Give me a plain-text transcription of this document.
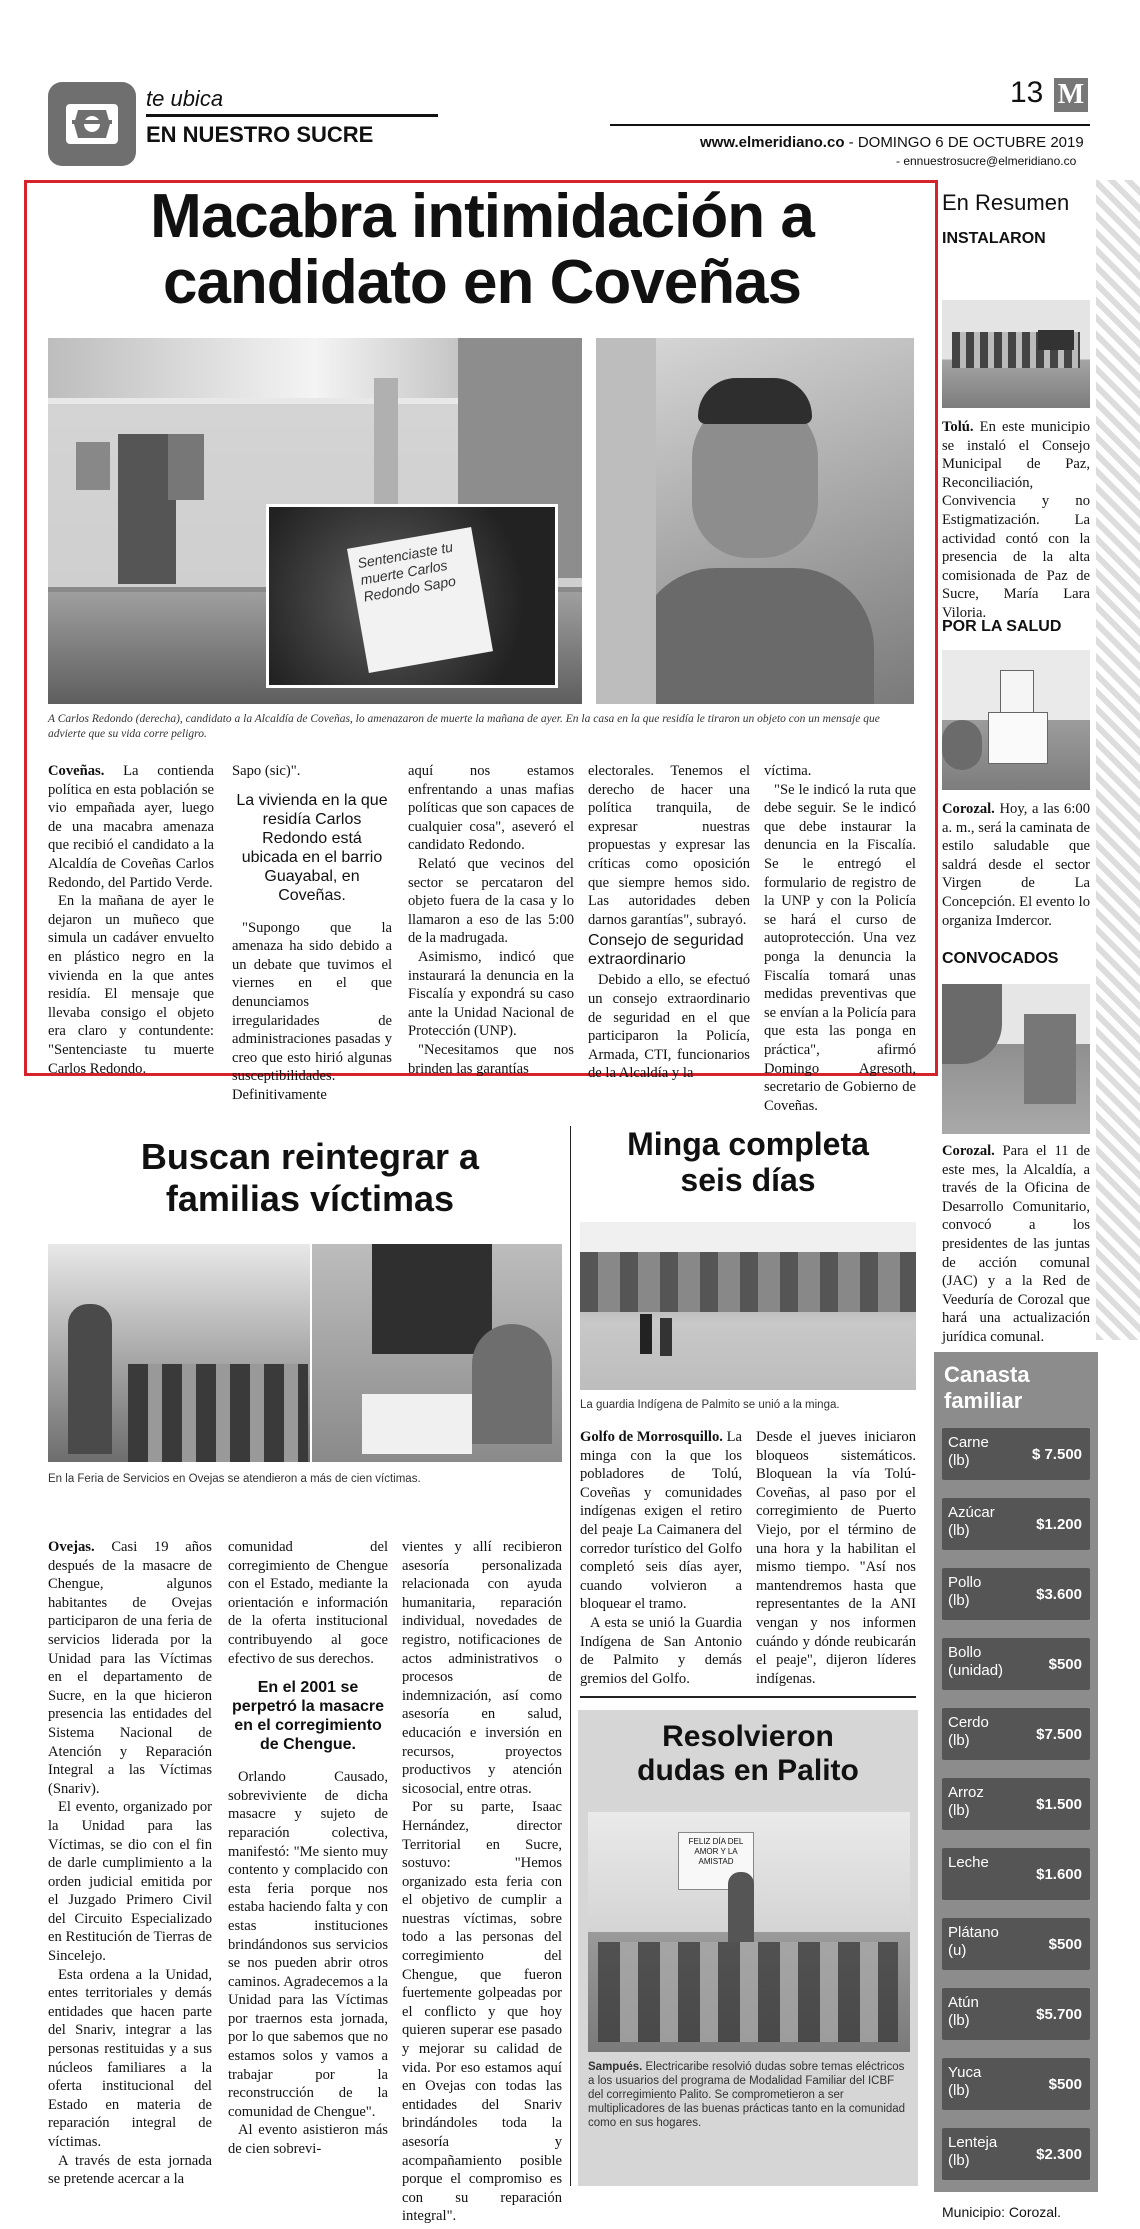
te ubica
EN NUESTRO SUCRE
13 M
www.elmeridiano.co - DOMINGO 6 DE OCTUBRE 2019
- ennuestrosucre@elmeridiano.co
Macabra intimidación a
candidato en Coveñas
Sentenciaste tu muerte Carlos Redondo Sapo
A Carlos Redondo (derecha), candidato a la Alcaldía de Coveñas, lo amenazaron de muerte la mañana de ayer. En la casa en la que residía le tiraron un objeto con un mensaje que advierte que su vida corre peligro.

Coveñas. La contienda política en esta población se vio empañada ayer, luego de una macabra amenaza que recibió el candidato a la Alcaldía de Coveñas Carlos Redondo, del Partido Verde.

En la mañana de ayer le dejaron un muñeco que simula un cadáver envuelto en plástico negro en la vivienda en la que antes residía. El mensaje que llevaba consigo el objeto era claro y contundente: "Sentenciaste tu muerte Carlos Redondo.

Sapo (sic)".

La vivienda en la que residía Carlos Redondo está ubicada en el barrio Guayabal, en Coveñas.

"Supongo que la amenaza ha sido debido a un debate que tuvimos el viernes en el que denunciamos irregularidades de administraciones pasadas y creo que esto hirió algunas susceptibilidades. Definitivamente

aquí nos estamos enfrentando a unas mafias políticas que son capaces de cualquier cosa", aseveró el candidato Redondo.

Relató que vecinos del sector se percataron del objeto fuera de la casa y lo llamaron a eso de las 5:00 de la madrugada.

Asimismo, indicó que instaurará la denuncia en la Fiscalía y expondrá su caso ante la Unidad Nacional de Protección (UNP).

"Necesitamos que nos brinden las garantías

electorales. Tenemos el derecho de hacer una política tranquila, de expresar nuestras propuestas y expresar las críticas como oposición que siempre hemos sido. Las autoridades deben darnos garantías", subrayó.

Consejo de seguridad extraordinario

Debido a ello, se efectuó un consejo extraordinario de seguridad en el que participaron la Policía, Armada, CTI, funcionarios de la Alcaldía y la

víctima.

"Se le indicó la ruta que debe seguir. Se le indicó que debe instaurar la denuncia en la Fiscalía. Se le entregó el formulario de registro de la UNP y con la Policía se hará el curso de autoprotección. Una vez ponga la denuncia la Fiscalía tomará unas medidas preventivas que se envían a la Policía para que esta las ponga en práctica", afirmó Domingo Agresoth, secretario de Gobierno de Coveñas.

En Resumen
INSTALARON
Tolú. En este municipio se instaló el Consejo Municipal de Paz, Reconciliación, Convivencia y no Estigmatización. La actividad contó con la presencia de la alta comisionada de Paz de Sucre, María Lara Viloria.
POR LA SALUD
Corozal. Hoy, a las 6:00 a. m., será la caminata de estilo saludable que saldrá desde el sector Virgen de La Concepción. El evento lo organiza Imdercor.
CONVOCADOS
Corozal. Para el 11 de este mes, la Alcaldía, a través de la Oficina de Desarrollo Comunitario, convocó a los presidentes de las juntas de acción comunal (JAC) y a la Red de Veeduría de Corozal que hará una actualización jurídica comunal.
Canasta
familiar
Carne
(lb)	$ 7.500
Azúcar
(lb)	$1.200
Pollo
(lb)	$3.600
Bollo
(unidad)	$500
Cerdo
(lb)	$7.500
Arroz
(lb)	$1.500
Leche
$1.600
Plátano
(u)	$500
Atún
(lb)	$5.700
Yuca
(lb)	$500
Lenteja
(lb)	$2.300
Municipio: Corozal.
Buscan reintegrar a
familias víctimas
En la Feria de Servicios en Ovejas se atendieron a más de cien víctimas.

Ovejas. Casi 19 años después de la masacre de Chengue, algunos habitantes de Ovejas participaron de una feria de servicios liderada por la Unidad para las Víctimas en el departamento de Sucre, en la que hicieron presencia las entidades del Sistema Nacional de Atención y Reparación Integral a las Víctimas (Snariv).

El evento, organizado por la Unidad para las Víctimas, se dio con el fin de darle cumplimiento a la orden judicial emitida por el Juzgado Primero Civil del Circuito Especializado en Restitución de Tierras de Sincelejo.

Esta ordena a la Unidad, entes territoriales y demás entidades que hacen parte del Snariv, integrar a las personas restituidas y a sus núcleos familiares a la oferta institucional del Estado en materia de reparación integral de víctimas.

A través de esta jornada se pretende acercar a la

comunidad del corregimiento de Chengue con el Estado, mediante la orientación e información de la oferta institucional contribuyendo al goce efectivo de sus derechos.

En el 2001 se perpetró la masacre en el corregimiento de Chengue.

Orlando Causado, sobreviviente de dicha masacre y sujeto de reparación colectiva, manifestó: "Me siento muy contento y complacido con esta feria porque nos estaba haciendo falta y con estas instituciones brindándonos sus servicios se nos pueden abrir otros caminos. Agradecemos a la Unidad para las Víctimas por traernos esta jornada, por lo que sabemos que no estamos solos y vamos a trabajar por la reconstrucción de la comunidad de Chengue".

Al evento asistieron más de cien sobrevi-

vientes y allí recibieron asesoría personalizada relacionada con ayuda humanitaria, reparación individual, novedades de registro, notificaciones de actos administrativos o procesos de indemnización, así como asesoría en salud, educación e inversión en recursos, proyectos productivos y atención sicosocial, entre otras.

Por su parte, Isaac Hernández, director Territorial en Sucre, sostuvo: "Hemos organizado esta feria con el objetivo de cumplir a nuestras víctimas, sobre todo a las personas del corregimiento del Chengue, que fueron fuertemente golpeadas por el conflicto y que hoy quieren superar ese pasado y mejorar su calidad de vida. Por eso estamos aquí en Ovejas con todas las entidades del Snariv brindándoles toda la asesoría y acompañamiento posible porque el compromiso es con su reparación integral".

Minga completa
seis días
La guardia Indígena de Palmito se unió a la minga.

Golfo de Morrosquillo. La minga con la que los pobladores de Tolú, Coveñas y comunidades indígenas exigen el retiro del peaje La Caimanera del corredor turístico del Golfo completó seis días ayer, cuando volvieron a bloquear el tramo.

A esta se unió la Guardia Indígena de San Antonio de Palmito y demás gremios del Golfo.

Desde el jueves iniciaron bloqueos sistemáticos. Bloquean la vía Tolú-Coveñas, al paso por el corregimiento de Puerto Viejo, por el término de una hora y la habilitan el mismo tiempo. "Así nos mantendremos hasta que representantes de la ANI vengan y nos informen cuándo y dónde reubicarán el peaje", dijeron líderes indígenas.

Resolvieron
dudas en Palito
FELIZ DÍA DEL AMOR Y LA AMISTAD
Sampués. Electricaribe resolvió dudas sobre temas eléctricos a los usuarios del programa de Modalidad Familiar del ICBF del corregimiento Palito. Se comprometieron a ser multiplicadores de las buenas prácticas tanto en la comunidad como en sus hogares.
